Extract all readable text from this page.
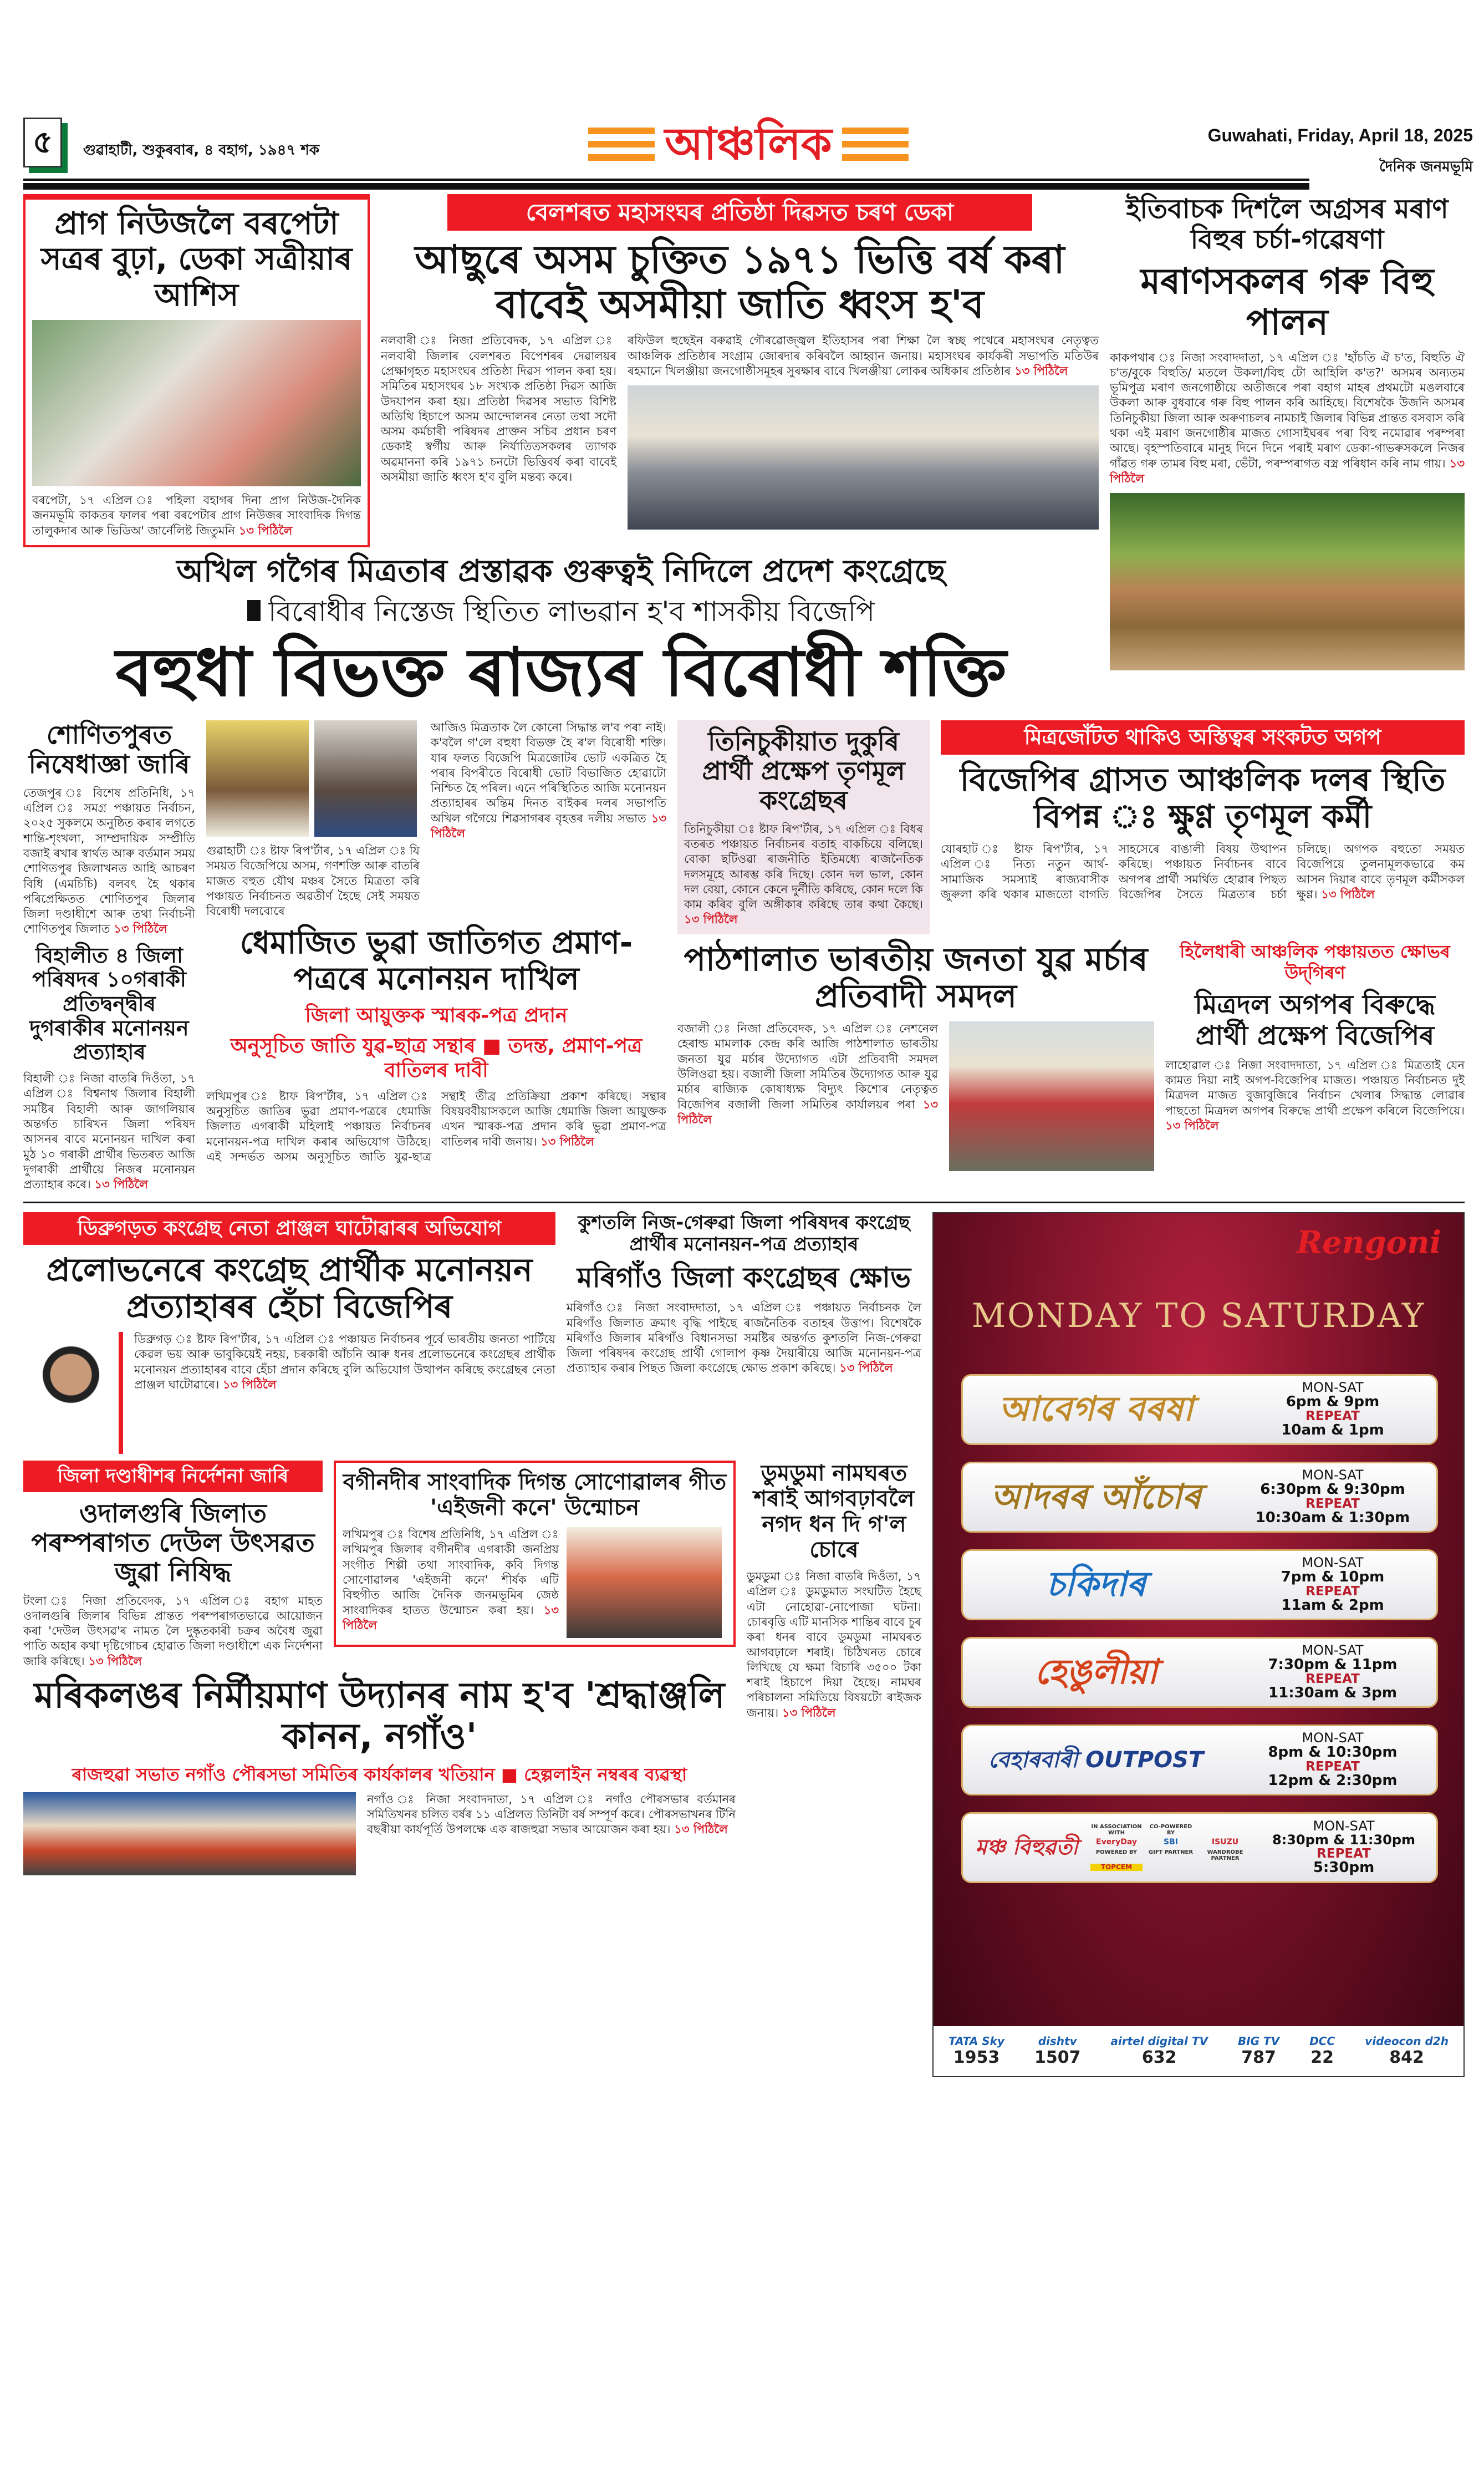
৫	গুৱাহাটী, শুকুৰবাৰ, ৪ বহাগ, ১৯৪৭ শক	আঞ্চলিক	Guwahati, Friday, April 18, 2025
দৈনিক জনমভূমি
প্ৰাগ নিউজলৈ বৰপেটা সত্ৰৰ বুঢ়া, ডেকা সত্ৰীয়াৰ আশিস
বৰপেটা, ১৭ এপ্ৰিল ঃ পহিলা বহাগৰ দিনা প্ৰাগ নিউজ-দৈনিক জনমভূমি কাকতৰ ফালৰ পৰা বৰপেটাৰ প্ৰাগ নিউজৰ সাংবাদিক দিগন্ত তালুকদাৰ আৰু ভিডিঅ' জাৰ্নেলিষ্ট জিতুমনি ১৩ পিঠিলৈ
বেলশৰত মহাসংঘৰ প্ৰতিষ্ঠা দিৱসত চৰণ ডেকা
আছুৰে অসম চুক্তিত ১৯৭১ ভিত্তি বৰ্ষ কৰা বাবেই অসমীয়া জাতি ধ্বংস হ'ব
নলবাৰী ঃ নিজা প্ৰতিবেদক, ১৭ এপ্ৰিল ঃ নলবাৰী জিলাৰ বেলশৰত বিপেশৰৰ দেৱালয়ৰ প্ৰেক্ষাগৃহত মহাসংঘৰ প্ৰতিষ্ঠা দিৱস পালন কৰা হয়। সমিতিৰ মহাসংঘৰ ১৮ সংখ্যক প্ৰতিষ্ঠা দিৱস আজি উদযাপন কৰা হয়। প্ৰতিষ্ঠা দিৱসৰ সভাত বিশিষ্ট অতিথি হিচাপে অসম আন্দোলনৰ নেতা তথা সদৌ অসম কৰ্মচাৰী পৰিষদৰ প্ৰাক্তন সচিব প্ৰধান চৰণ ডেকাই স্বৰ্গীয় আৰু নিৰ্যাতিতসকলৰ ত্যাগক অৱমাননা কৰি ১৯৭১ চনটো ভিত্তিবৰ্ষ কৰা বাবেই অসমীয়া জাতি ধ্বংস হ'ব বুলি মন্তব্য কৰে।
ৰফিউল হুছেইন বৰুৱাই গৌৰৱোজ্জ্বল ইতিহাসৰ পৰা শিক্ষা লৈ স্বচ্ছ পথেৰে মহাসংঘৰ নেতৃত্বত আঞ্চলিক প্ৰতিষ্ঠাৰ সংগ্ৰাম জোৰদাৰ কৰিবলৈ আহ্বান জনায়। মহাসংঘৰ কাৰ্যকৰী সভাপতি মতিউৰ ৰহমানে খিলঞ্জীয়া জনগোষ্ঠীসমূহৰ সুৰক্ষাৰ বাবে খিলঞ্জীয়া লোকৰ অধিকাৰ প্ৰতিষ্ঠাৰ ১৩ পিঠিলৈ
অখিল গগৈৰ মিত্ৰতাৰ প্ৰস্তাৱক গুৰুত্বই নিদিলে প্ৰদেশ কংগ্ৰেছে
বিৰোধীৰ নিস্তেজ স্থিতিত লাভৱান হ'ব শাসকীয় বিজেপি
বহুধা বিভক্ত ৰাজ্যৰ বিৰোধী শক্তি
ইতিবাচক দিশলৈ অগ্ৰসৰ মৰাণ বিহুৰ চৰ্চা-গৱেষণা
মৰাণসকলৰ গৰু বিহু পালন
কাকপথাৰ ঃ নিজা সংবাদদাতা, ১৭ এপ্ৰিল ঃ 'হাঁচতি ঐ চ'ত, বিহুতি ঐ চ'ত/বুকে বিহুতি/ মতলে উকলা/বিহু টো আহিলি ক'ত?' অসমৰ অন্যতম ভূমিপুত্ৰ মৰাণ জনগোষ্ঠীয়ে অতীজৰে পৰা বহাগ মাহৰ প্ৰথমটো মঙলবাৰে উকলা আৰু বুধবাৰে গৰু বিহু পালন কৰি আহিছে। বিশেষকৈ উজনি অসমৰ তিনিচুকীয়া জিলা আৰু অৰুণাচলৰ নামচাই জিলাৰ বিভিন্ন প্ৰান্তত বসবাস কৰি থকা এই মৰাণ জনগোষ্ঠীৰ মাজত গোসাইঘৰৰ পৰা বিহু নমোৱাৰ পৰম্পৰা আছে। বৃহস্পতিবাৰে মানুহ দিনে দিনে পৰাই মৰাণ ডেকা-গাভৰুসকলে নিজৰ গাঁৱত গৰু তামৰ বিহু মৰা, ভেঁটা, পৰম্পৰাগত বস্ত্ৰ পৰিধান কৰি নাম গায়। ১৩ পিঠিলৈ
শোণিতপুৰত নিষেধাজ্ঞা জাৰি
তেজপুৰ ঃ বিশেষ প্ৰতিনিধি, ১৭ এপ্ৰিল ঃ সমগ্ৰ পঞ্চায়ত নিৰ্বাচন, ২০২৫ সুকলমে অনুষ্ঠিত কৰাৰ লগতে শান্তি-শৃংখলা, সাম্প্ৰদায়িক সম্প্ৰীতি বজাই ৰখাৰ স্বাৰ্থত আৰু বৰ্তমান সময় শোণিতপুৰ জিলাখনত আহি আচৰণ বিধি (এমচিচি) বলবৎ হৈ থকাৰ পৰিপ্ৰেক্ষিতত শোণিতপুৰ জিলাৰ জিলা দণ্ডাধীশে আৰু তথা নিৰ্বাচনী শোণিতপুৰ জিলাত ১৩ পিঠিলৈ
বিহালীত ৪ জিলা পৰিষদৰ ১০গৰাকী প্ৰতিদ্বন্দ্বীৰ দুগৰাকীৰ মনোনয়ন প্ৰত্যাহাৰ
বিহালী ঃ নিজা বাতৰি দিওঁতা, ১৭ এপ্ৰিল ঃ বিশ্বনাথ জিলাৰ বিহালী সমষ্টিৰ বিহালী আৰু জাগলিয়াৰ অন্তৰ্গত চাৰিখন জিলা পৰিষদ আসনৰ বাবে মনোনয়ন দাখিল কৰা মুঠ ১০ গৰাকী প্ৰাৰ্থীৰ ভিতৰত আজি দুগৰাকী প্ৰাৰ্থীয়ে নিজৰ মনোনয়ন প্ৰত্যাহাৰ কৰে। ১৩ পিঠিলৈ
গুৱাহাটী ঃ ষ্টাফ ৰিপ'ৰ্টাৰ, ১৭ এপ্ৰিল ঃ যি সময়ত বিজেপিয়ে অসম, গণশক্তি আৰু বাতৰি মাজত বহুত যৌথ মঞ্চৰ সৈতে মিত্ৰতা কৰি পঞ্চায়ত নিৰ্বাচনত অৱতীৰ্ণ হৈছে সেই সময়ত বিৰোধী দলবোৰে
আজিও মিত্ৰতাক লৈ কোনো সিদ্ধান্ত ল'ব পৰা নাই। ক'বলৈ গ'লে বহুধা বিভক্ত হৈ ৰ'ল বিৰোধী শক্তি। যাৰ ফলত বিজেপি মিত্ৰজোটৰ ভোট একত্ৰিত হৈ পৰাৰ বিপৰীতে বিৰোধী ভোট বিভাজিত হোৱাটো নিশ্চিত হৈ পৰিল। এনে পৰিস্থিতিত আজি মনোনয়ন প্ৰত্যাহাৰৰ অন্তিম দিনত বাইকৰ দলৰ সভাপতি অখিল গগৈয়ে শিৱসাগৰৰ বৃহত্তৰ দলীয় সভাত ১৩ পিঠিলৈ
ধেমাজিত ভুৱা জাতিগত প্ৰমাণ- পত্ৰৰে মনোনয়ন দাখিল
জিলা আয়ুক্তক স্মাৰক-পত্ৰ প্ৰদান
অনুসূচিত জাতি যুৱ-ছাত্ৰ সন্থাৰ ■ তদন্ত, প্ৰমাণ-পত্ৰ বাতিলৰ দাবী
লখিমপুৰ ঃ ষ্টাফ ৰিপ'ৰ্টাৰ, ১৭ এপ্ৰিল ঃ অনুসূচিত জাতিৰ ভুৱা প্ৰমাণ-পত্ৰৰে ধেমাজি জিলাত এগৰাকী মহিলাই পঞ্চায়ত নিৰ্বাচনৰ মনোনয়ন-পত্ৰ দাখিল কৰাৰ অভিযোগ উঠিছে। এই সন্দৰ্ভত অসম অনুসূচিত জাতি যুৱ-ছাত্ৰ সন্থাই তীব্ৰ প্ৰতিক্ৰিয়া প্ৰকাশ কৰিছে। সন্থাৰ বিষয়ববীয়াসকলে আজি ধেমাজি জিলা আয়ুক্তক এখন স্মাৰক-পত্ৰ প্ৰদান কৰি ভুৱা প্ৰমাণ-পত্ৰ বাতিলৰ দাবী জনায়। ১৩ পিঠিলৈ
তিনিচুকীয়াত দুকুৰি প্ৰাৰ্থী প্ৰক্ষেপ তৃণমূল কংগ্ৰেছৰ
তিনিচুকীয়া ঃ ষ্টাফ ৰিপ'ৰ্টাৰ, ১৭ এপ্ৰিল ঃ বিধৰ বতৰত পঞ্চায়ত নিৰ্বাচনৰ বতাহ বাকচিয়ে বলিছে। বোকা ছটিওৱা ৰাজনীতি ইতিমধ্যে ৰাজনৈতিক দলসমূহে আৰম্ভ কৰি দিছে। কোন দল ভাল, কোন দল বেয়া, কোনে কেনে দুৰ্নীতি কৰিছে, কোন দলে কি কাম কৰিব বুলি অঙ্গীকাৰ কৰিছে তাৰ কথা কৈছে। ১৩ পিঠিলৈ
মিত্ৰজোঁটত থাকিও অস্তিত্বৰ সংকটত অগপ
বিজেপিৰ গ্ৰাসত আঞ্চলিক দলৰ স্থিতি বিপন্ন ঃ ক্ষুণ্ণ তৃণমূল কৰ্মী
যোৰহাট ঃ ষ্টাফ ৰিপ'ৰ্টাৰ, ১৭ এপ্ৰিল ঃ নিত্য নতুন আৰ্থ-সামাজিক সমস্যাই ৰাজ্যবাসীক জুৰুলা কৰি থকাৰ মাজতো বাগতি সাহসেৰে বাঙালী বিষয় উত্থাপন কৰিছে। পঞ্চায়ত নিৰ্বাচনৰ বাবে অগপৰ প্ৰাৰ্থী সমৰ্থিত হোৱাৰ পিছত বিজেপিৰ সৈতে মিত্ৰতাৰ চৰ্চা চলিছে। অগপক বহুতো সময়ত বিজেপিয়ে তুলনামূলকভাৱে কম আসন দিয়াৰ বাবে তৃণমূল কৰ্মীসকল ক্ষুণ্ণ। ১৩ পিঠিলৈ
পাঠশালাত ভাৰতীয় জনতা যুৱ মৰ্চাৰ প্ৰতিবাদী সমদল
বজালী ঃ নিজা প্ৰতিবেদক, ১৭ এপ্ৰিল ঃ নেশনেল হেৰাল্ড মামলাক কেন্দ্ৰ কৰি আজি পাঠশালাত ভাৰতীয় জনতা যুৱ মৰ্চাৰ উদ্যোগত এটা প্ৰতিবাদী সমদল উলিওৱা হয়। বজালী জিলা সমিতিৰ উদ্যোগত আৰু যুৱ মৰ্চাৰ ৰাজ্যিক কোষাধ্যক্ষ বিদ্যুৎ কিশোৰ নেতৃত্বত বিজেপিৰ বজালী জিলা সমিতিৰ কাৰ্যালয়ৰ পৰা ১৩ পিঠিলৈ
হিলৈধাৰী আঞ্চলিক পঞ্চায়তত ক্ষোভৰ উদ্‌গিৰণ
মিত্ৰদল অগপৰ বিৰুদ্ধে প্ৰাৰ্থী প্ৰক্ষেপ বিজেপিৰ
লাহোৱাল ঃ নিজা সংবাদদাতা, ১৭ এপ্ৰিল ঃ মিত্ৰতাই যেন কামত দিয়া নাই অগপ-বিজেপিৰ মাজত। পঞ্চায়ত নিৰ্বাচনত দুই মিত্ৰদল মাজত বুজাবুজিৰে নিৰ্বাচন খেলাৰ সিদ্ধান্ত লোৱাৰ পাছতো মিত্ৰদল অগপৰ বিৰুদ্ধে প্ৰাৰ্থী প্ৰক্ষেপ কৰিলে বিজেপিয়ে। ১৩ পিঠিলৈ
ডিব্ৰুগড়ত কংগ্ৰেছ নেতা প্ৰাঞ্জল ঘাটোৱাৰৰ অভিযোগ
প্ৰলোভনেৰে কংগ্ৰেছ প্ৰাৰ্থীক মনোনয়ন প্ৰত্যাহাৰৰ হেঁচা বিজেপিৰ
ডিব্ৰুগড় ঃ ষ্টাফ ৰিপ'ৰ্টাৰ, ১৭ এপ্ৰিল ঃ পঞ্চায়ত নিৰ্বাচনৰ পূৰ্বে ভাৰতীয় জনতা পাৰ্টিয়ে কেৱল ভয় আৰু ভাবুকিয়েই নহয়, চৰকাৰী আঁচনি আৰু ধনৰ প্ৰলোভনেৰে কংগ্ৰেছৰ প্ৰাৰ্থীক মনোনয়ন প্ৰত্যাহাৰৰ বাবে হেঁচা প্ৰদান কৰিছে বুলি অভিযোগ উত্থাপন কৰিছে কংগ্ৰেছৰ নেতা প্ৰাঞ্জল ঘাটোৱাৰে। ১৩ পিঠিলৈ
কুশতলি নিজ-গেৰুৱা জিলা পৰিষদৰ কংগ্ৰেছ প্ৰাৰ্থীৰ মনোনয়ন-পত্ৰ প্ৰত্যাহাৰ
মৰিগাঁও জিলা কংগ্ৰেছৰ ক্ষোভ
মৰিগাঁও ঃ নিজা সংবাদদাতা, ১৭ এপ্ৰিল ঃ পঞ্চায়ত নিৰ্বাচনক লৈ মৰিগাঁও জিলাত ক্ৰমাৎ বৃদ্ধি পাইছে ৰাজনৈতিক বতাহৰ উত্তাপ। বিশেষকৈ মৰিগাঁও জিলাৰ মৰিগাঁও বিধানসভা সমষ্টিৰ অন্তৰ্গত কুশতলি নিজ-গেৰুৱা জিলা পৰিষদৰ কংগ্ৰেছ প্ৰাৰ্থী গোলাপ কৃষ্ণ দৈয়াৰীয়ে আজি মনোনয়ন-পত্ৰ প্ৰত্যাহাৰ কৰাৰ পিছত জিলা কংগ্ৰেছে ক্ষোভ প্ৰকাশ কৰিছে। ১৩ পিঠিলৈ
জিলা দণ্ডাধীশৰ নিৰ্দেশনা জাৰি
ওদালগুৰি জিলাত পৰম্পৰাগত দেউল উৎসৱত জুৱা নিষিদ্ধ
টংলা ঃ নিজা প্ৰতিবেদক, ১৭ এপ্ৰিল ঃ বহাগ মাহত ওদালগুৰি জিলাৰ বিভিন্ন প্ৰান্তত পৰম্পৰাগতভাৱে আয়োজন কৰা 'দেউল উৎসৱ'ৰ নামত লৈ দুষ্কৃতকাৰী চক্ৰৰ অবৈধ জুৱা পাতি অহাৰ কথা দৃষ্টিগোচৰ হোৱাত জিলা দণ্ডাধীশে এক নিৰ্দেশনা জাৰি কৰিছে। ১৩ পিঠিলৈ
বগীনদীৰ সাংবাদিক দিগন্ত সোণোৱালৰ গীত 'এইজনী কনে' উন্মোচন
লখিমপুৰ ঃ বিশেষ প্ৰতিনিধি, ১৭ এপ্ৰিল ঃ লখিমপুৰ জিলাৰ বগীনদীৰ এগৰাকী জনপ্ৰিয় সংগীত শিল্পী তথা সাংবাদিক, কবি দিগন্ত সোণোৱালৰ 'এইজনী কনে' শীৰ্ষক এটি বিহুগীত আজি দৈনিক জনমভূমিৰ জেষ্ঠ সাংবাদিকৰ হাতত উন্মোচন কৰা হয়। ১৩ পিঠিলৈ
মৰিকলঙৰ নিৰ্মীয়মাণ উদ্যানৰ নাম হ'ব 'শ্ৰদ্ধাঞ্জলি কানন, নগাঁও'
ৰাজহুৱা সভাত নগাঁও পৌৰসভা সমিতিৰ কাৰ্যকালৰ খতিয়ান ■ হেল্পলাইন নম্বৰৰ ব্যৱস্থা
নগাঁও ঃ নিজা সংবাদদাতা, ১৭ এপ্ৰিল ঃ নগাঁও পৌৰসভাৰ বৰ্তমানৰ সমিতিখনৰ চলিত বৰ্ষৰ ১১ এপ্ৰিলত তিনিটা বৰ্ষ সম্পূৰ্ণ কৰে। পৌৰসভাখনৰ টিনি বছৰীয়া কাৰ্যপূৰ্তি উপলক্ষে এক ৰাজহুৱা সভাৰ আয়োজন কৰা হয়। ১৩ পিঠিলৈ
ডুমডুমা নামঘৰত শৰাই আগবঢ়াবলৈ নগদ ধন দি গ'ল চোৰে
ডুমডুমা ঃ নিজা বাতৰি দিওঁতা, ১৭ এপ্ৰিল ঃ ডুমডুমাত সংঘটিত হৈছে এটা নোহোৱা-নোপোজা ঘটনা। চোৰবৃত্তি এটি মানসিক শান্তিৰ বাবে চুৰ কৰা ধনৰ বাবে ডুমডুমা নামঘৰত আগবঢ়ালে শৰাই। চিঠিখনত চোৰে লিখিছে যে ক্ষমা বিচাৰি ৩৫০০ টকা শৰাই হিচাপে দিয়া হৈছে। নামঘৰ পৰিচালনা সমিতিয়ে বিষয়টো ৰাইজক জনায়। ১৩ পিঠিলৈ
Rengoni
MONDAY TO SATURDAY
আবেগৰ বৰষা
MON-SAT
6pm & 9pm
REPEAT
10am & 1pm
আদৰৰ আঁচোৰ
MON-SAT
6:30pm & 9:30pm
REPEAT
10:30am & 1:30pm
চকিদাৰ
MON-SAT
7pm & 10pm
REPEAT
11am & 2pm
হেঙুলীয়া
MON-SAT
7:30pm & 11pm
REPEAT
11:30am & 3pm
বেহাৰবাৰী OUTPOST
MON-SAT
8pm & 10:30pm
REPEAT
12pm & 2:30pm
মঞ্চ বিহুৱতী
IN ASSOCIATION WITH
CO-POWERED BY
EveryDay	SBI	ISUZU
POWERED BY	GIFT PARTNER	WARDROBE PARTNER
TOPCEM
MON-SAT
8:30pm & 11:30pm
REPEAT
5:30pm
TATA Sky
1953
dishtv
1507
airtel digital TV
632
BIG TV
787
DCC
22
videocon d2h
842
